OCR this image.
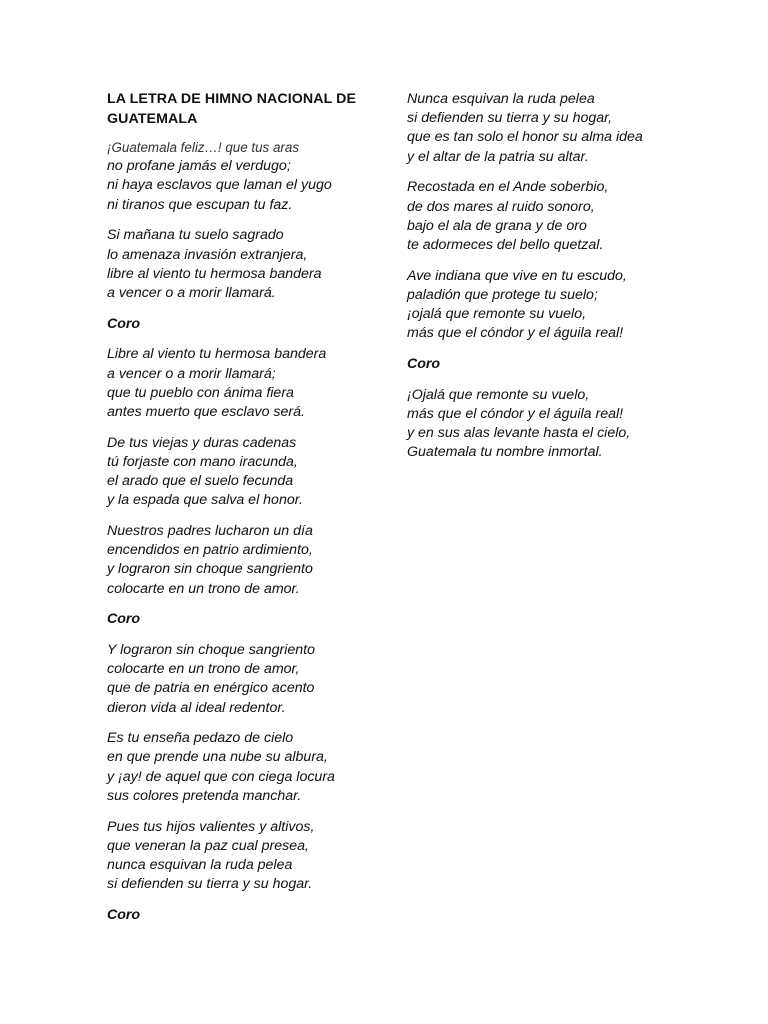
LA LETRA DE HIMNO NACIONAL DE
GUATEMALA
¡Guatemala feliz…! que tus aras
no profane jamás el verdugo;
ni haya esclavos que laman el yugo
ni tiranos que escupan tu faz.
Si mañana tu suelo sagrado
lo amenaza invasión extranjera,
libre al viento tu hermosa bandera
a vencer o a morir llamará.
Coro
Libre al viento tu hermosa bandera
a vencer o a morir llamará;
que tu pueblo con ánima fiera
antes muerto que esclavo será.
De tus viejas y duras cadenas
tú forjaste con mano iracunda,
el arado que el suelo fecunda
y la espada que salva el honor.
Nuestros padres lucharon un día
encendidos en patrio ardimiento,
y lograron sin choque sangriento
colocarte en un trono de amor.
Coro
Y lograron sin choque sangriento
colocarte en un trono de amor,
que de patria en enérgico acento
dieron vida al ideal redentor.
Es tu enseña pedazo de cielo
en que prende una nube su albura,
y ¡ay! de aquel que con ciega locura
sus colores pretenda manchar.
Pues tus hijos valientes y altivos,
que veneran la paz cual presea,
nunca esquivan la ruda pelea
si defienden su tierra y su hogar.
Coro
Nunca esquivan la ruda pelea
si defienden su tierra y su hogar,
que es tan solo el honor su alma idea
y el altar de la patria su altar.
Recostada en el Ande soberbio,
de dos mares al ruido sonoro,
bajo el ala de grana y de oro
te adormeces del bello quetzal.
Ave indiana que vive en tu escudo,
paladión que protege tu suelo;
¡ojalá que remonte su vuelo,
más que el cóndor y el águila real!
Coro
¡Ojalá que remonte su vuelo,
más que el cóndor y el águila real!
y en sus alas levante hasta el cielo,
Guatemala tu nombre inmortal.
